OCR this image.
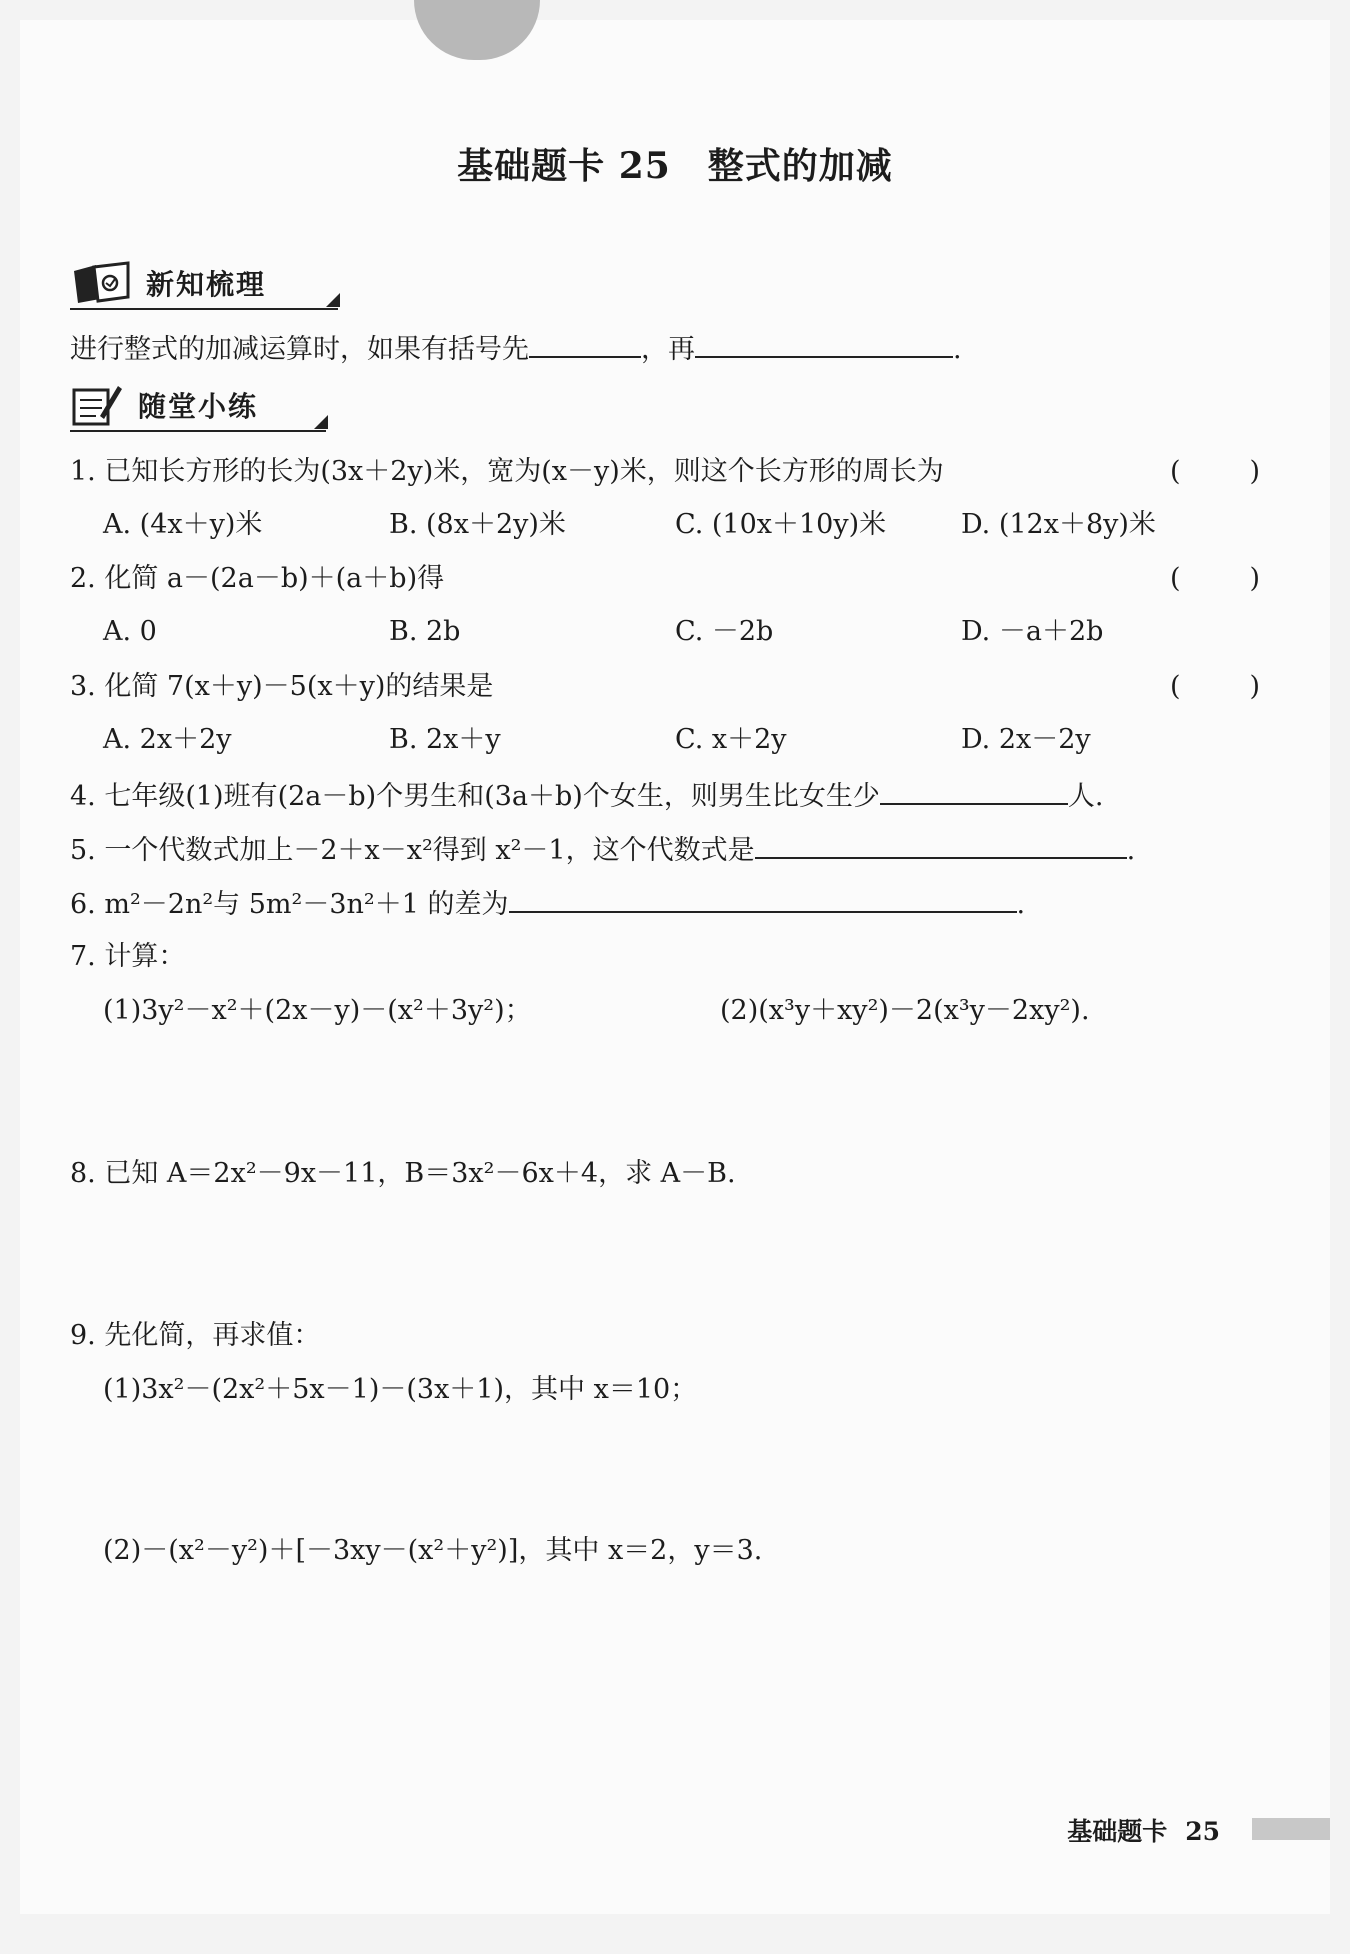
基础题卡 25　整式的加减
新知梳理
进行整式的加减运算时，如果有括号先	，再	.
随堂小练
1. 已知长方形的长为(3x＋2y)米，宽为(x－y)米，则这个长方形的周长为	(	)
A. (4x＋y)米	B. (8x＋2y)米	C. (10x＋10y)米	D. (12x＋8y)米
2. 化简 a－(2a－b)＋(a＋b)得	(	)
A. 0	B. 2b	C. －2b	D. －a＋2b
3. 化简 7(x＋y)－5(x＋y)的结果是	(	)
A. 2x＋2y	B. 2x＋y	C. x＋2y	D. 2x－2y
4. 七年级(1)班有(2a－b)个男生和(3a＋b)个女生，则男生比女生少	人.
5. 一个代数式加上－2＋x－x²得到 x²－1，这个代数式是	.
6. m²－2n²与 5m²－3n²＋1 的差为	.
7. 计算：
(1)3y²－x²＋(2x－y)－(x²＋3y²)；	(2)(x³y＋xy²)－2(x³y－2xy²).
8. 已知 A＝2x²－9x－11，B＝3x²－6x＋4，求 A－B.
9. 先化简，再求值：
(1)3x²－(2x²＋5x－1)－(3x＋1)，其中 x＝10；
(2)－(x²－y²)＋[－3xy－(x²＋y²)]，其中 x＝2，y＝3.
基础题卡 25
